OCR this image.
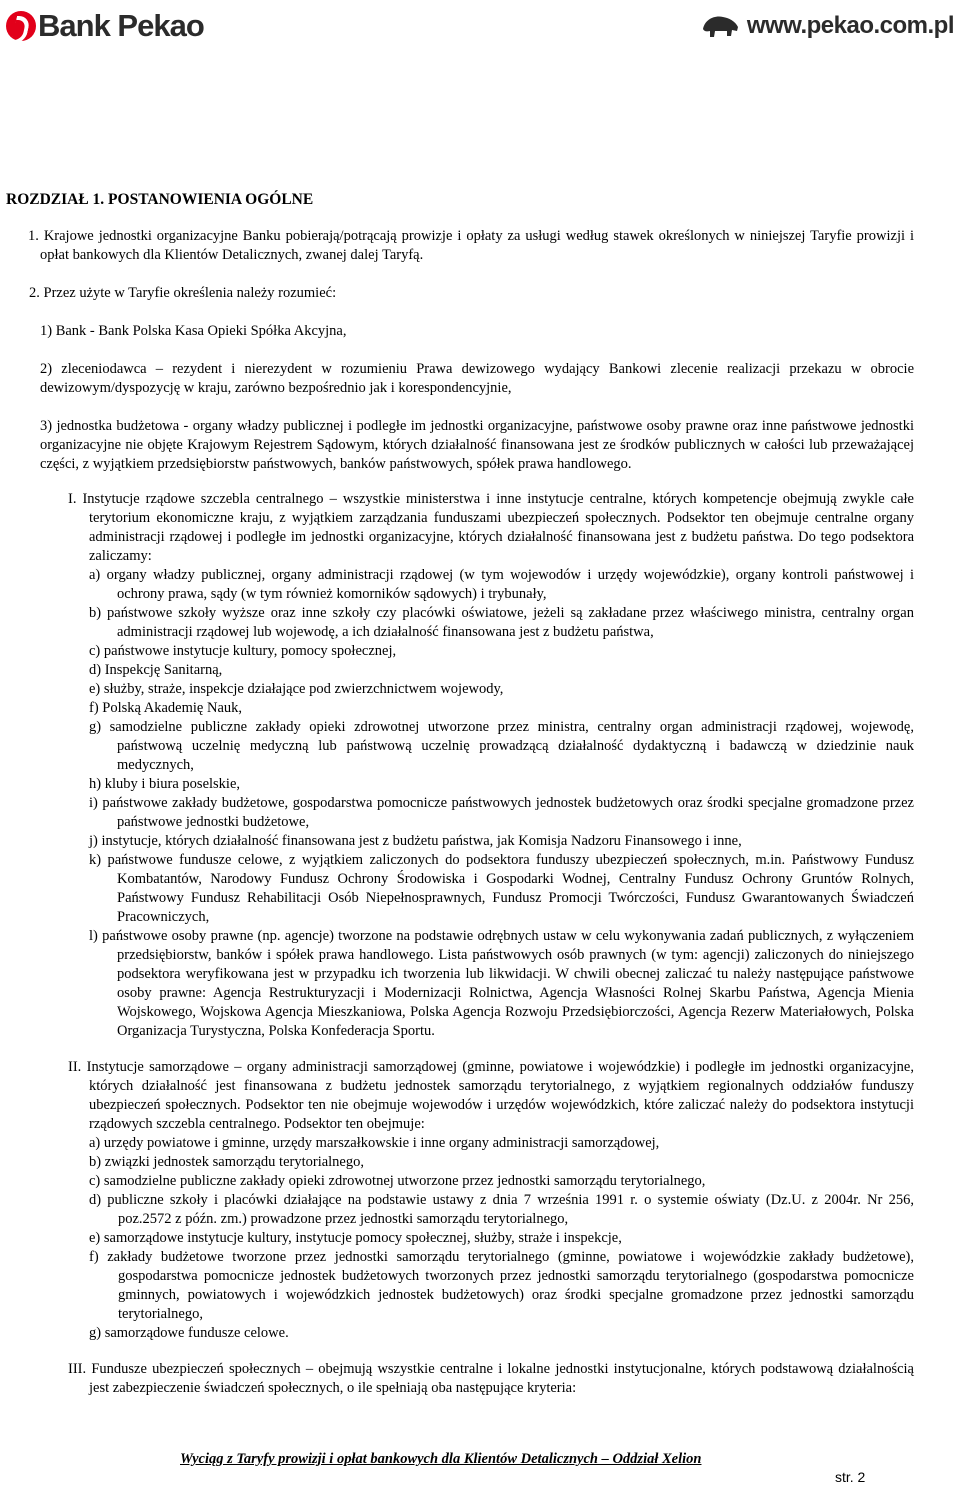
Bank Pekao	www.pekao.com.pl
ROZDZIAŁ 1. POSTANOWIENIA OGÓLNE
1. Krajowe jednostki organizacyjne Banku pobierają/potrącają prowizje i opłaty za usługi według stawek określonych w niniejszej Taryfie prowizji i opłat bankowych dla Klientów Detalicznych, zwanej dalej Taryfą.
2. Przez użyte w Taryfie określenia należy rozumieć:
1) Bank - Bank Polska Kasa Opieki Spółka Akcyjna,
2) zleceniodawca – rezydent i nierezydent w rozumieniu Prawa dewizowego wydający Bankowi zlecenie realizacji przekazu w obrocie dewizowym/dyspozycję w kraju, zarówno bezpośrednio jak i korespondencyjnie,
3) jednostka budżetowa - organy władzy publicznej i podległe im jednostki organizacyjne, państwowe osoby prawne oraz inne państwowe jednostki organizacyjne nie objęte Krajowym Rejestrem Sądowym, których działalność finansowana jest ze środków publicznych w całości lub przeważającej części, z wyjątkiem przedsiębiorstw państwowych, banków państwowych, spółek prawa handlowego.
I. Instytucje rządowe szczebla centralnego – wszystkie ministerstwa i inne instytucje centralne, których kompetencje obejmują zwykle całe terytorium ekonomiczne kraju, z wyjątkiem zarządzania funduszami ubezpieczeń społecznych. Podsektor ten obejmuje centralne organy administracji rządowej i podległe im jednostki organizacyjne, których działalność finansowana jest z budżetu państwa. Do tego podsektora zaliczamy:
a) organy władzy publicznej, organy administracji rządowej (w tym wojewodów i urzędy wojewódzkie), organy kontroli państwowej i ochrony prawa, sądy (w tym również komorników sądowych) i trybunały,
b) państwowe szkoły wyższe oraz inne szkoły czy placówki oświatowe, jeżeli są zakładane przez właściwego ministra, centralny organ administracji rządowej lub wojewodę, a ich działalność finansowana jest z budżetu państwa,
c) państwowe instytucje kultury, pomocy społecznej,
d) Inspekcję Sanitarną,
e) służby, straże, inspekcje działające pod zwierzchnictwem wojewody,
f) Polską Akademię Nauk,
g) samodzielne publiczne zakłady opieki zdrowotnej utworzone przez ministra, centralny organ administracji rządowej, wojewodę, państwową uczelnię medyczną lub państwową uczelnię prowadzącą działalność dydaktyczną i badawczą w dziedzinie nauk medycznych,
h) kluby i biura poselskie,
i) państwowe zakłady budżetowe, gospodarstwa pomocnicze państwowych jednostek budżetowych oraz środki specjalne gromadzone przez państwowe jednostki budżetowe,
j) instytucje, których działalność finansowana jest z budżetu państwa, jak Komisja Nadzoru Finansowego i inne,
k) państwowe fundusze celowe, z wyjątkiem zaliczonych do podsektora funduszy ubezpieczeń społecznych, m.in. Państwowy Fundusz Kombatantów, Narodowy Fundusz Ochrony Środowiska i Gospodarki Wodnej, Centralny Fundusz Ochrony Gruntów Rolnych, Państwowy Fundusz Rehabilitacji Osób Niepełnosprawnych, Fundusz Promocji Twórczości, Fundusz Gwarantowanych Świadczeń Pracowniczych,
l) państwowe osoby prawne (np. agencje) tworzone na podstawie odrębnych ustaw w celu wykonywania zadań publicznych, z wyłączeniem przedsiębiorstw, banków i spółek prawa handlowego. Lista państwowych osób prawnych (w tym: agencji) zaliczonych do niniejszego podsektora weryfikowana jest w przypadku ich tworzenia lub likwidacji. W chwili obecnej zaliczać tu należy następujące państwowe osoby prawne: Agencja Restrukturyzacji i Modernizacji Rolnictwa, Agencja Własności Rolnej Skarbu Państwa, Agencja Mienia Wojskowego, Wojskowa Agencja Mieszkaniowa, Polska Agencja Rozwoju Przedsiębiorczości, Agencja Rezerw Materiałowych, Polska Organizacja Turystyczna, Polska Konfederacja Sportu.
II. Instytucje samorządowe – organy administracji samorządowej (gminne, powiatowe i wojewódzkie) i podległe im jednostki organizacyjne, których działalność jest finansowana z budżetu jednostek samorządu terytorialnego, z wyjątkiem regionalnych oddziałów funduszy ubezpieczeń społecznych. Podsektor ten nie obejmuje wojewodów i urzędów wojewódzkich, które zaliczać należy do podsektora instytucji rządowych szczebla centralnego. Podsektor ten obejmuje:
a) urzędy powiatowe i gminne, urzędy marszałkowskie i inne organy administracji samorządowej,
b) związki jednostek samorządu terytorialnego,
c) samodzielne publiczne zakłady opieki zdrowotnej utworzone przez jednostki samorządu terytorialnego,
d) publiczne szkoły i placówki działające na podstawie ustawy z dnia 7 września 1991 r. o systemie oświaty (Dz.U. z 2004r. Nr 256, poz.2572 z późn. zm.) prowadzone przez jednostki samorządu terytorialnego,
e) samorządowe instytucje kultury, instytucje pomocy społecznej, służby, straże i inspekcje,
f) zakłady budżetowe tworzone przez jednostki samorządu terytorialnego (gminne, powiatowe i wojewódzkie zakłady budżetowe), gospodarstwa pomocnicze jednostek budżetowych tworzonych przez jednostki samorządu terytorialnego (gospodarstwa pomocnicze gminnych, powiatowych i wojewódzkich jednostek budżetowych) oraz środki specjalne gromadzone przez jednostki samorządu terytorialnego,
g) samorządowe fundusze celowe.
III. Fundusze ubezpieczeń społecznych – obejmują wszystkie centralne i lokalne jednostki instytucjonalne, których podstawową działalnością jest zabezpieczenie świadczeń społecznych, o ile spełniają oba następujące kryteria:
Wyciąg z Taryfy prowizji i opłat bankowych dla Klientów Detalicznych – Oddział Xelion
str. 2
